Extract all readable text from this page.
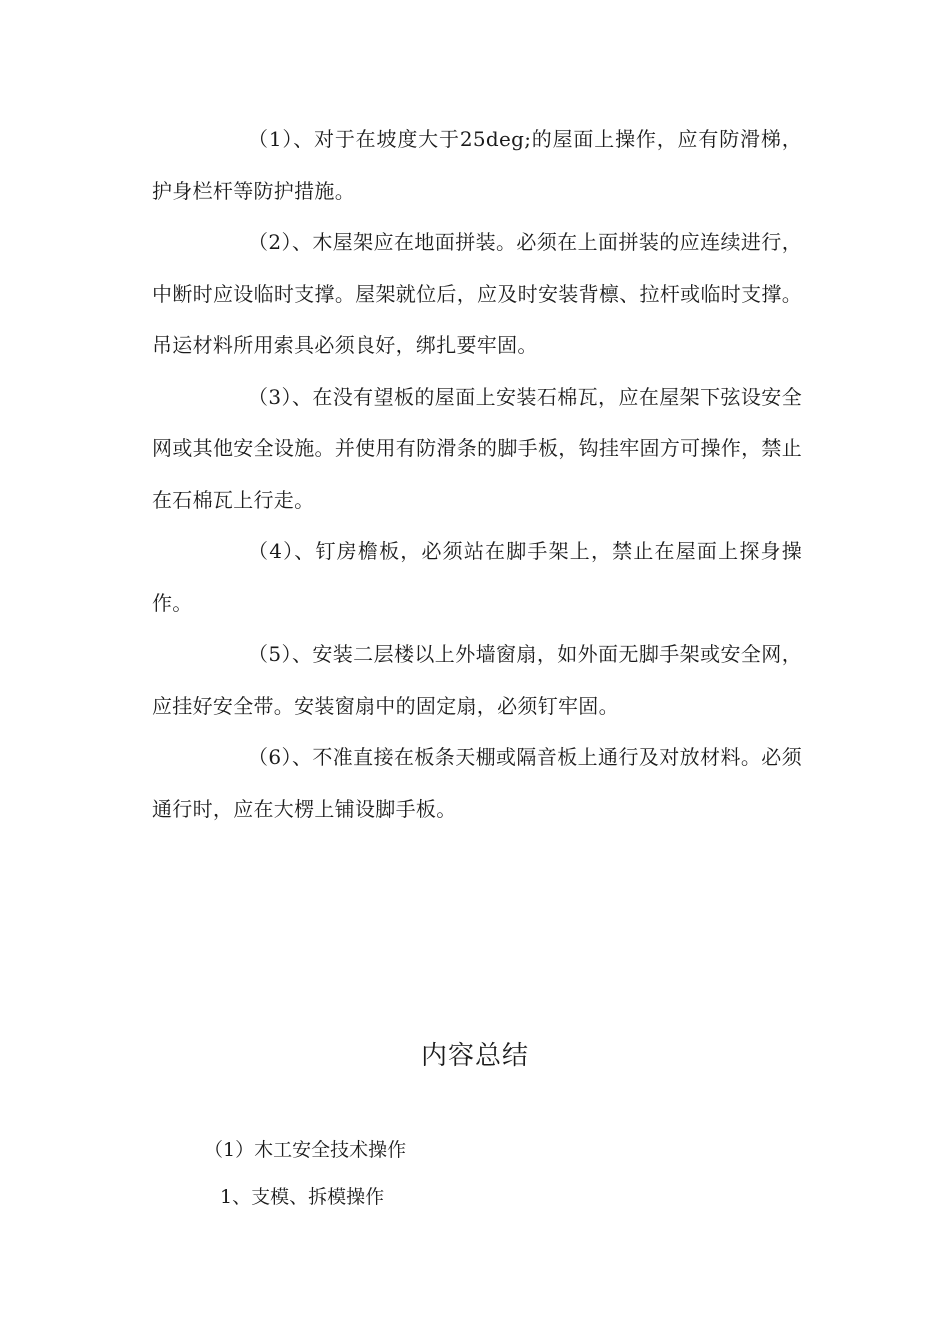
（1）、对于在坡度大于25deg;的屋面上操作，应有防滑梯，护身栏杆等防护措施。

（2）、木屋架应在地面拼装。必须在上面拼装的应连续进行，中断时应设临时支撑。屋架就位后，应及时安装背檩、拉杆或临时支撑。吊运材料所用索具必须良好，绑扎要牢固。

（3）、在没有望板的屋面上安装石棉瓦，应在屋架下弦设安全网或其他安全设施。并使用有防滑条的脚手板，钩挂牢固方可操作，禁止在石棉瓦上行走。

（4）、钉房檐板，必须站在脚手架上，禁止在屋面上探身操作。

（5）、安装二层楼以上外墙窗扇，如外面无脚手架或安全网，应挂好安全带。安装窗扇中的固定扇，必须钉牢固。

（6）、不准直接在板条天棚或隔音板上通行及对放材料。必须通行时，应在大楞上铺设脚手板。

内容总结

（1）木工安全技术操作

1、支模、拆模操作
